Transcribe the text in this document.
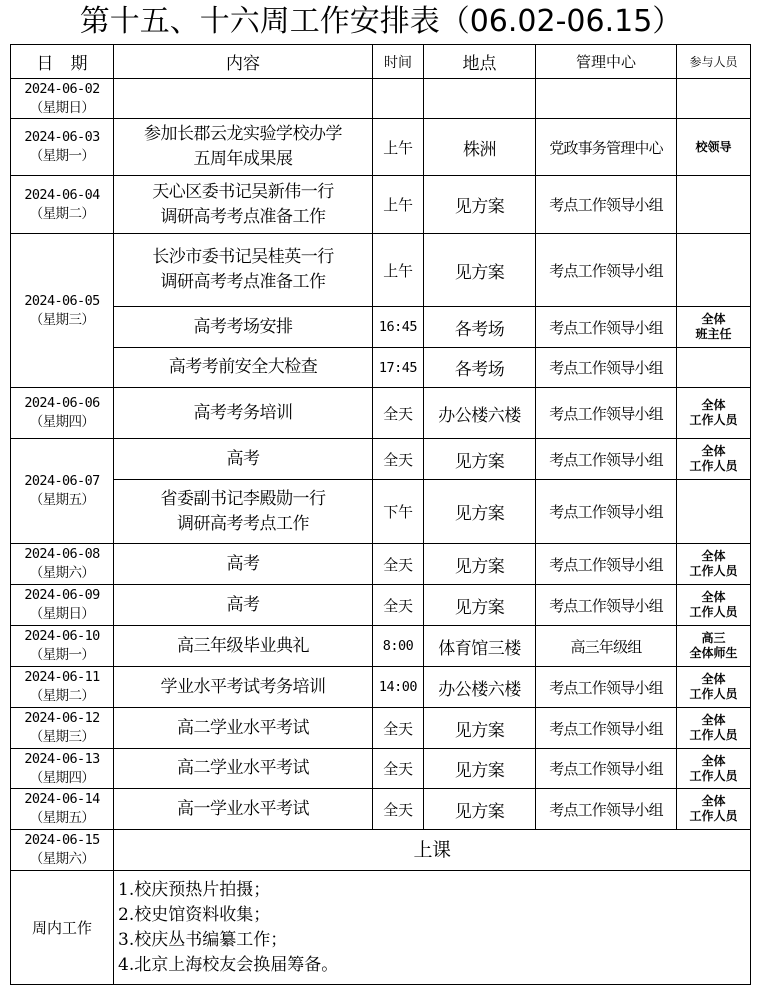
第十五、十六周工作安排表（06.02-06.15）
日　期	内容	时间	地点	管理中心	参与人员

2024-06-02
（星期日）					

2024-06-03
（星期一）	参加长郡云龙实验学校办学
五周年成果展	上午	株洲	党政事务管理中心	校领导

2024-06-04
（星期二）	天心区委书记吴新伟一行
调研高考考点准备工作	上午	见方案	考点工作领导小组	

2024-06-05
（星期三）	长沙市委书记吴桂英一行
调研高考考点准备工作	上午	见方案	考点工作领导小组	
	高考考场安排	16:45	各考场	考点工作领导小组	全体
班主任

	高考考前安全大检查	17:45	各考场	考点工作领导小组	

2024-06-06
（星期四）	高考考务培训	全天	办公楼六楼	考点工作领导小组	全体
工作人员

2024-06-07
（星期五）	高考	全天	见方案	考点工作领导小组	全体
工作人员

	省委副书记李殿勋一行
调研高考考点工作	下午	见方案	考点工作领导小组	

2024-06-08
（星期六）	高考	全天	见方案	考点工作领导小组	全体
工作人员

2024-06-09
（星期日）	高考	全天	见方案	考点工作领导小组	全体
工作人员

2024-06-10
（星期一）	高三年级毕业典礼	8:00	体育馆三楼	高三年级组	高三
全体师生

2024-06-11
（星期二）	学业水平考试考务培训	14:00	办公楼六楼	考点工作领导小组	全体
工作人员

2024-06-12
（星期三）	高二学业水平考试	全天	见方案	考点工作领导小组	全体
工作人员

2024-06-13
（星期四）	高二学业水平考试	全天	见方案	考点工作领导小组	全体
工作人员

2024-06-14
（星期五）	高一学业水平考试	全天	见方案	考点工作领导小组	全体
工作人员

2024-06-15
（星期六）	上课				
周内工作	1.校庆预热片拍摄；
2.校史馆资料收集；
3.校庆丛书编纂工作；
4.北京上海校友会换届筹备。				
